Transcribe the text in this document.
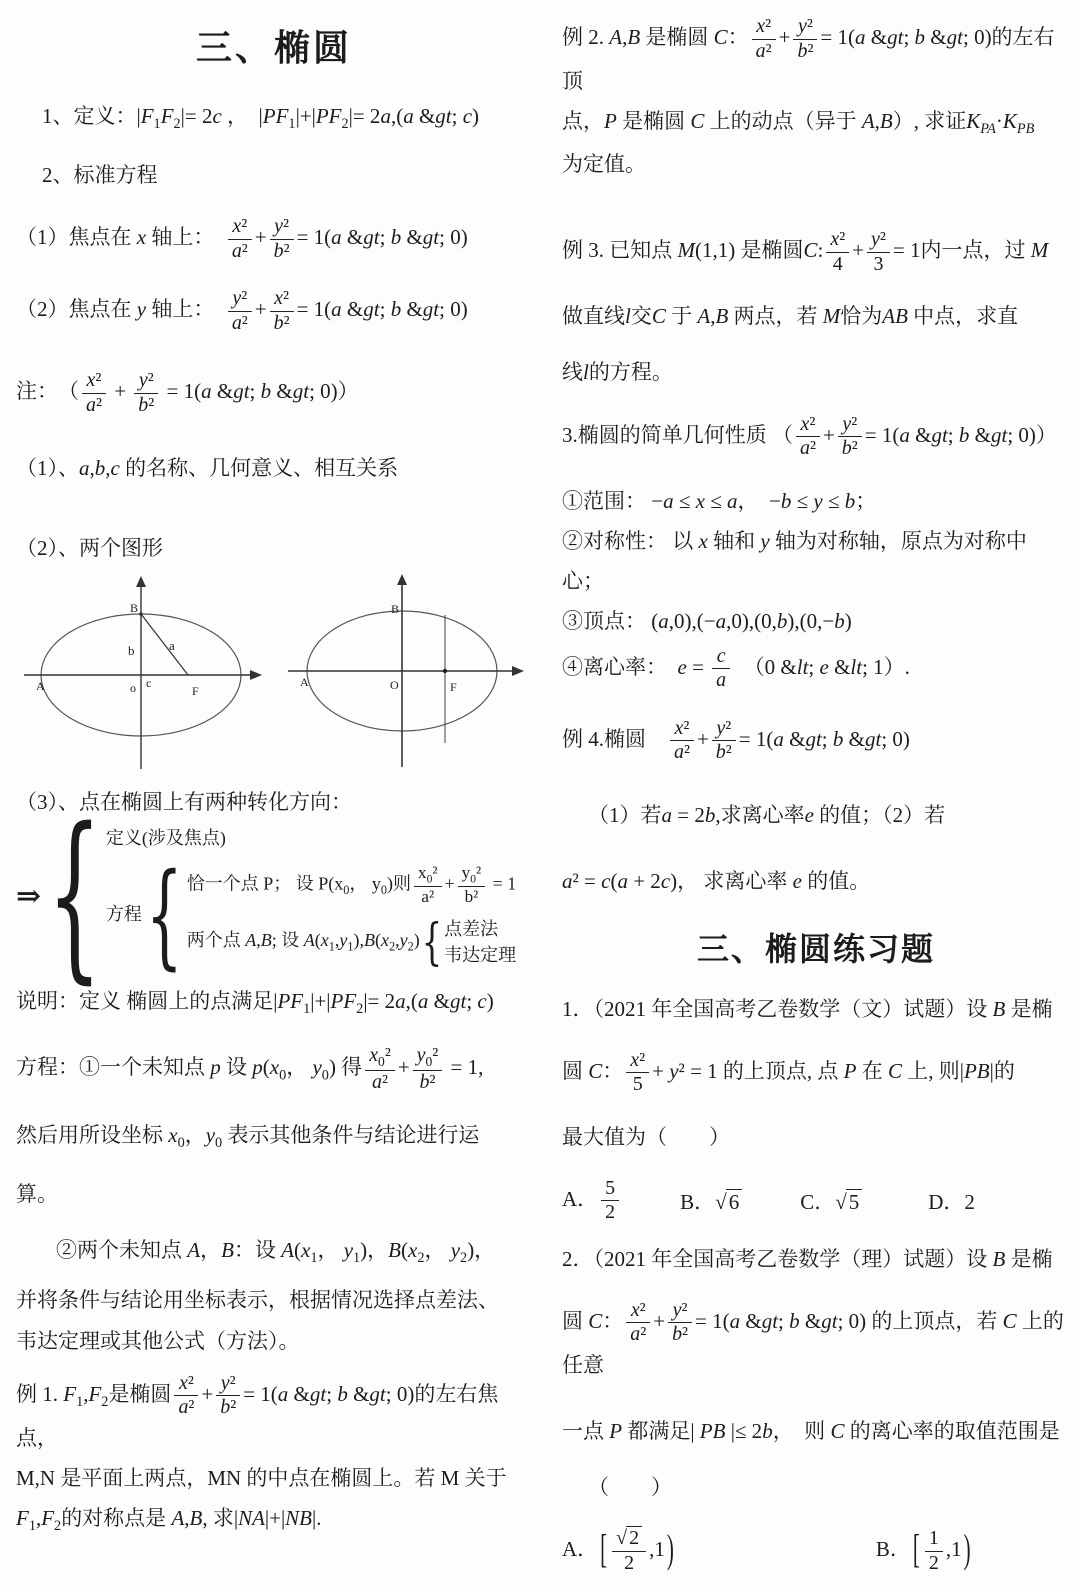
三、椭圆

1、定义：$|F_1F_2|= 2c$ ，　$|PF_1|+|PF_2|= 2a,(a$ &gt; c)

2、标准方程

（1）焦点在 x 轴上：　 $\frac{\text{x²}}{\text{a²}} + \frac{\text{y²}}{\text{b²}} = 1(a$ &gt; b &gt; 0)

（2）焦点在 y 轴上：　 $\frac{\text{y²}}{\text{a²}} + \frac{\text{x²}}{\text{b²}} = 1(a$ &gt; b &gt; 0)

注：　（ $\frac{\text{x²}}{\text{a²}} + \frac{\text{y²}}{\text{b²}} = 1(a$ &gt; b &gt; 0)）

（1）、a,b,c 的名称、几何意义、相互关系

（2）、两个图形

B
b	a
A	o c
F
B
A	O	F

（3）、点在椭圆上有两种转化方向：

⇒ { 定义(涉及焦点)
方程 { 恰一个点 P； 设 $P(x_0$， $y_0$)则 $\frac{x_0^2}{\text{a²}} + \frac{y_0^2}{\text{b²}} = 1$
两个点 A,B; 设 $A(x_1,y_1),B(x_2,y_2)$ { 点差法
韦达定理

说明：定义 椭圆上的点满足$|PF_1|+|PF_2|= 2a,(a$ &gt; c)

方程：①一个未知点 p 设 $p(x_0$， $y_0$) 得 $\frac{x_0^2}{\text{a²}} + \frac{y_0^2}{\text{b²}} = 1$,

然后用所设坐标 $x_0$，$y_0$ 表示其他条件与结论进行运

算。

②两个未知点 A，B：设 $A(x_1$， $y_1$)，$B(x_2$， $y_2$)，

并将条件与结论用坐标表示，根据情况选择点差法、

韦达定理或其他公式（方法）。

例 1. $F_1,F_2$是椭圆 $\frac{\text{x²}}{\text{a²}} + \frac{\text{y²}}{\text{b²}} = 1(a$ &gt; b &gt; 0)的左右焦点，

M,N 是平面上两点，MN 的中点在椭圆上。若 M 关于

$F_1,F_2$的对称点是 A,B, 求|NA|+|NB|.

例 2. A,B 是椭圆 C： $\frac{\text{x²}}{\text{a²}} + \frac{\text{y²}}{\text{b²}} = 1(a$ &gt; b &gt; 0)的左右顶

点，P 是椭圆 C 上的动点（异于 A,B）, 求证$K_{PA}\cdot K_{PB}$

为定值。

例 3. 已知点 M(1,1) 是椭圆C: $\frac{\text{x²}}{4} + \frac{\text{y²}}{3} = 1$内一点，过 M

做直线l交C 于 A,B 两点，若 M恰为AB 中点，求直

线l的方程。

3.椭圆的简单几何性质 （ $\frac{\text{x²}}{\text{a²}} + \frac{\text{y²}}{\text{b²}} = 1(a$ &gt; b &gt; 0)）

①范围： −a ≤ x ≤ a，　−b ≤ y ≤ b；

②对称性： 以 x 轴和 y 轴为对称轴，原点为对称中

心；

③顶点： (a,0),(−a,0),(0,b),(0,−b)

④离心率：　$e = \frac{c}{a}$ 　（0 &lt; e &lt; 1）.

例 4.椭圆　 $\frac{\text{x²}}{\text{a²}} + \frac{\text{y²}}{\text{b²}} = 1(a$ &gt; b &gt; 0)

（1）若a = 2b,求离心率e 的值；（2）若

a² = c(a + 2c)， 求离心率 e 的值。

三、椭圆练习题

1．（2021 年全国高考乙卷数学（文）试题）设 B 是椭

圆 C： $\frac{\text{x²}}{5} + y^2 = 1$ 的上顶点, 点 P 在 C 上, 则|PB|的

最大值为（　　）

A． $\frac{5}{2}$	B．√6	C．√5	D．2

2．（2021 年全国高考乙卷数学（理）试题）设 B 是椭

圆 C： $\frac{\text{x²}}{\text{a²}} + \frac{\text{y²}}{\text{b²}} = 1(a$ &gt; b &gt; 0) 的上顶点，若 C 上的任意

一点 P 都满足| PB |≤ 2b，　则 C 的离心率的取值范围是

（　　）

A．[ $\frac{√ 2}{2} ,1$)	B．[ $\frac{1}{2} ,1$)
